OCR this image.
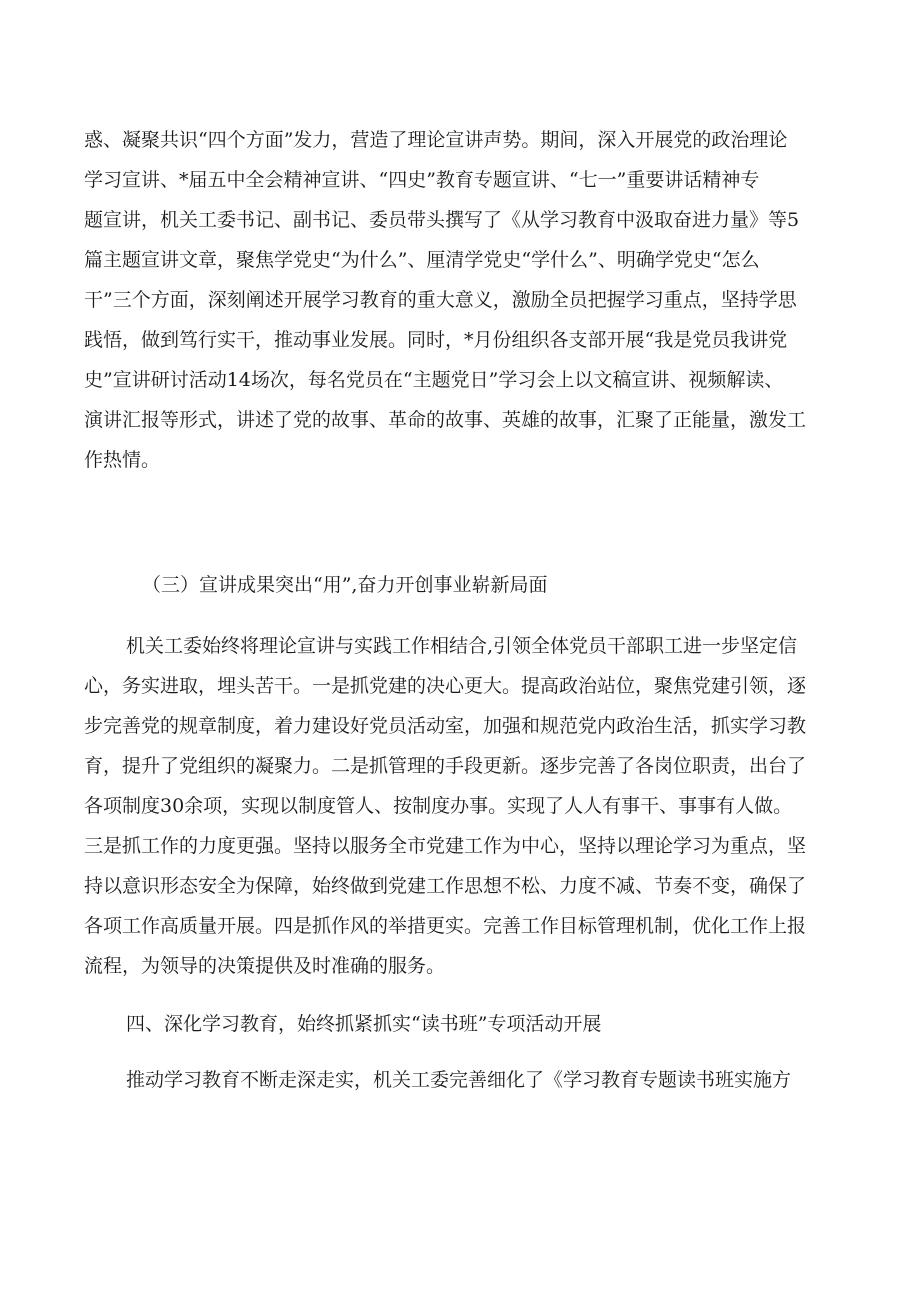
惑、凝聚共识“四个方面”发力，营造了理论宣讲声势。期间，深入开展党的政治理论
学习宣讲、*届五中全会精神宣讲、“四史”教育专题宣讲、“七一”重要讲话精神专
题宣讲，机关工委书记、副书记、委员带头撰写了《从学习教育中汲取奋进力量》等5
篇主题宣讲文章，聚焦学党史“为什么”、厘清学党史“学什么”、明确学党史“怎么
干”三个方面，深刻阐述开展学习教育的重大意义，激励全员把握学习重点，坚持学思
践悟，做到笃行实干，推动事业发展。同时，*月份组织各支部开展“我是党员我讲党
史”宣讲研讨活动14场次，每名党员在“主题党日”学习会上以文稿宣讲、视频解读、
演讲汇报等形式，讲述了党的故事、革命的故事、英雄的故事，汇聚了正能量，激发工
作热情。
（三）宣讲成果突出“用”,奋力开创事业崭新局面
机关工委始终将理论宣讲与实践工作相结合,引领全体党员干部职工进一步坚定信
心，务实进取，埋头苦干。一是抓党建的决心更大。提高政治站位，聚焦党建引领，逐
步完善党的规章制度，着力建设好党员活动室，加强和规范党内政治生活，抓实学习教
育，提升了党组织的凝聚力。二是抓管理的手段更新。逐步完善了各岗位职责，出台了
各项制度30余项，实现以制度管人、按制度办事。实现了人人有事干、事事有人做。
三是抓工作的力度更强。坚持以服务全市党建工作为中心，坚持以理论学习为重点，坚
持以意识形态安全为保障，始终做到党建工作思想不松、力度不减、节奏不变，确保了
各项工作高质量开展。四是抓作风的举措更实。完善工作目标管理机制，优化工作上报
流程，为领导的决策提供及时准确的服务。
四、深化学习教育，始终抓紧抓实“读书班”专项活动开展
推动学习教育不断走深走实，机关工委完善细化了《学习教育专题读书班实施方
